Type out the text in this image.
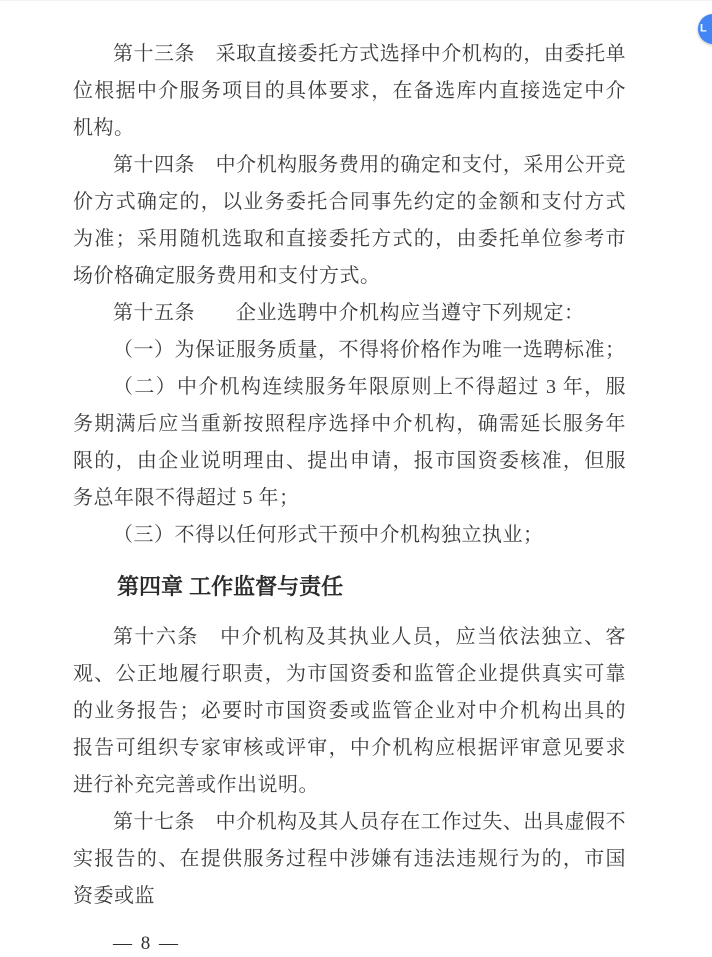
第十三条　采取直接委托方式选择中介机构的，由委托单位根据中介服务项目的具体要求，在备选库内直接选定中介机构。

第十四条　中介机构服务费用的确定和支付，采用公开竞价方式确定的，以业务委托合同事先约定的金额和支付方式为准；采用随机选取和直接委托方式的，由委托单位参考市场价格确定服务费用和支付方式。

第十五条　　企业选聘中介机构应当遵守下列规定：

（一）为保证服务质量，不得将价格作为唯一选聘标准；

（二）中介机构连续服务年限原则上不得超过 3 年，服务期满后应当重新按照程序选择中介机构，确需延长服务年限的，由企业说明理由、提出申请，报市国资委核准，但服务总年限不得超过 5 年；

（三）不得以任何形式干预中介机构独立执业；

第四章 工作监督与责任

第十六条　中介机构及其执业人员，应当依法独立、客观、公正地履行职责，为市国资委和监管企业提供真实可靠的业务报告；必要时市国资委或监管企业对中介机构出具的报告可组织专家审核或评审，中介机构应根据评审意见要求进行补充完善或作出说明。

第十七条　中介机构及其人员存在工作过失、出具虚假不实报告的、在提供服务过程中涉嫌有违法违规行为的，市国资委或监

— 8 —
L
